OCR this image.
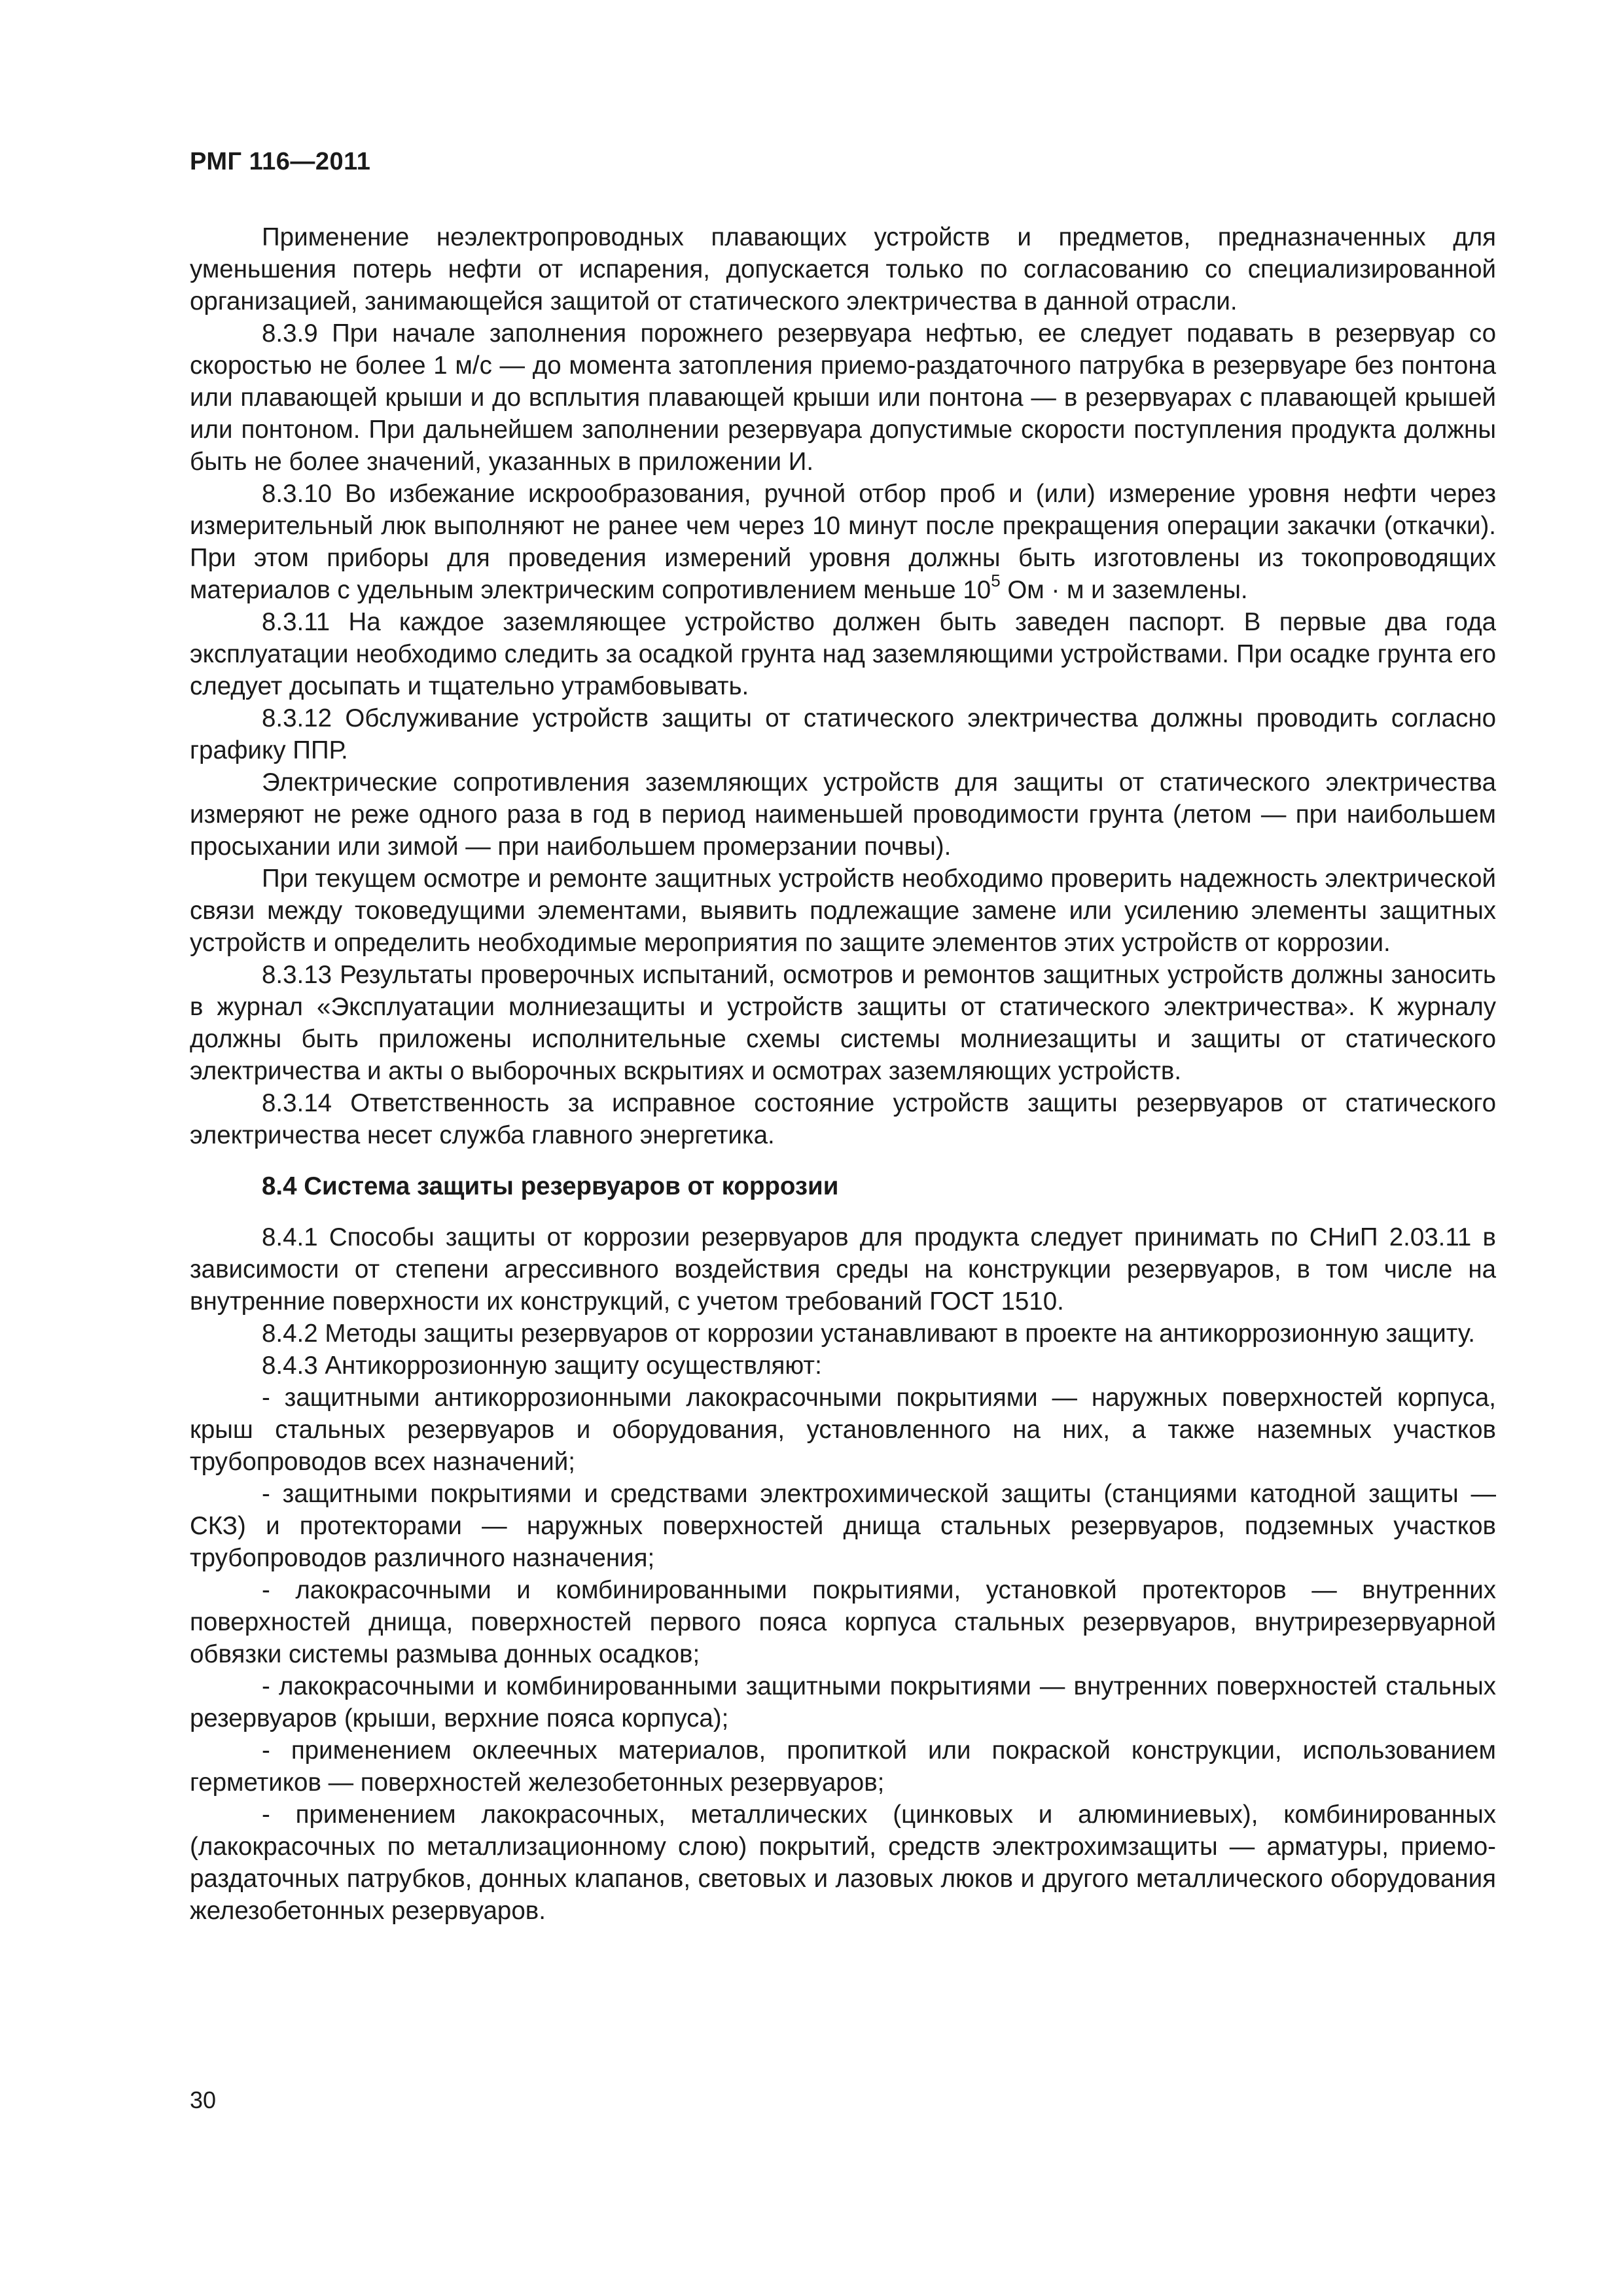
РМГ 116—2011

Применение неэлектропроводных плавающих устройств и предметов, предназначенных для уменьшения потерь нефти от испарения, допускается только по согласованию со специализированной организацией, занимающейся защитой от статического электричества в данной отрасли.

8.3.9 При начале заполнения порожнего резервуара нефтью, ее следует подавать в резервуар со скоростью не более 1 м/с — до момента затопления приемо-раздаточного патрубка в резервуаре без понтона или плавающей крыши и до всплытия плавающей крыши или понтона — в резервуарах с плавающей крышей или понтоном. При дальнейшем заполнении резервуара допустимые скорости поступления продукта должны быть не более значений, указанных в приложении И.

8.3.10 Во избежание искрообразования, ручной отбор проб и (или) измерение уровня нефти через измерительный люк выполняют не ранее чем через 10 минут после прекращения операции закачки (откачки). При этом приборы для проведения измерений уровня должны быть изготовлены из токопроводящих материалов с удельным электрическим сопротивлением меньше $10^5$ Ом · м и заземлены.

8.3.11 На каждое заземляющее устройство должен быть заведен паспорт. В первые два года эксплуатации необходимо следить за осадкой грунта над заземляющими устройствами. При осадке грунта его следует досыпать и тщательно утрамбовывать.

8.3.12 Обслуживание устройств защиты от статического электричества должны проводить согласно графику ППР.

Электрические сопротивления заземляющих устройств для защиты от статического электричества измеряют не реже одного раза в год в период наименьшей проводимости грунта (летом — при наибольшем просыхании или зимой — при наибольшем промерзании почвы).

При текущем осмотре и ремонте защитных устройств необходимо проверить надежность электрической связи между токоведущими элементами, выявить подлежащие замене или усилению элементы защитных устройств и определить необходимые мероприятия по защите элементов этих устройств от коррозии.

8.3.13 Результаты проверочных испытаний, осмотров и ремонтов защитных устройств должны заносить в журнал «Эксплуатации молниезащиты и устройств защиты от статического электричества». К журналу должны быть приложены исполнительные схемы системы молниезащиты и защиты от статического электричества и акты о выборочных вскрытиях и осмотрах заземляющих устройств.

8.3.14 Ответственность за исправное состояние устройств защиты резервуаров от статического электричества несет служба главного энергетика.

8.4 Система защиты резервуаров от коррозии

8.4.1 Способы защиты от коррозии резервуаров для продукта следует принимать по СНиП 2.03.11 в зависимости от степени агрессивного воздействия среды на конструкции резервуаров, в том числе на внутренние поверхности их конструкций, с учетом требований ГОСТ 1510.

8.4.2 Методы защиты резервуаров от коррозии устанавливают в проекте на антикоррозионную защиту.

8.4.3 Антикоррозионную защиту осуществляют:

- защитными антикоррозионными лакокрасочными покрытиями — наружных поверхностей корпуса, крыш стальных резервуаров и оборудования, установленного на них, а также наземных участков трубопроводов всех назначений;

- защитными покрытиями и средствами электрохимической защиты (станциями катодной защиты — СКЗ) и протекторами — наружных поверхностей днища стальных резервуаров, подземных участков трубопроводов различного назначения;

- лакокрасочными и комбинированными покрытиями, установкой протекторов — внутренних поверхностей днища, поверхностей первого пояса корпуса стальных резервуаров, внутрирезервуарной обвязки системы размыва донных осадков;

- лакокрасочными и комбинированными защитными покрытиями — внутренних поверхностей стальных резервуаров (крыши, верхние пояса корпуса);

- применением оклеечных материалов, пропиткой или покраской конструкции, использованием герметиков — поверхностей железобетонных резервуаров;

- применением лакокрасочных, металлических (цинковых и алюминиевых), комбинированных (лакокрасочных по металлизационному слою) покрытий, средств электрохимзащиты — арматуры, приемо-раздаточных патрубков, донных клапанов, световых и лазовых люков и другого металлического оборудования железобетонных резервуаров.

30
